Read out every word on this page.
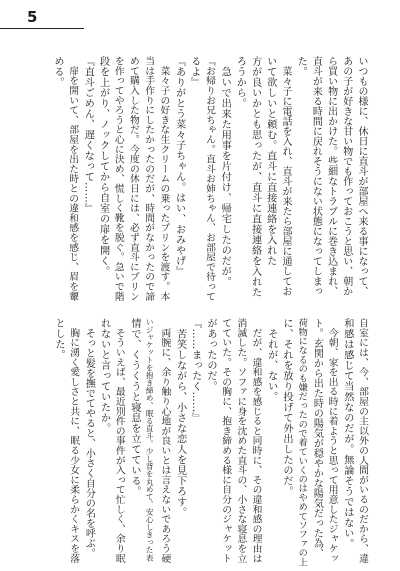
5
いつもの様に、休日に直斗が部屋へ来る事になって、
あの子が好きな甘い物でも作っておこうと思い、朝か
ら買い物に出かけた。些細なトラブルに巻き込まれ、
直斗が来る時間に戻れそうにない状態になってしまっ
た。
　菜々子に電話を入れ、直斗が来たら部屋に通してお
いて欲しいと頼む。直斗に直接連絡を入れた
方が良いかとも思ったが、直斗に直接連絡を入れた
ろうから。
　急いで出来た用事を片付け、帰宅したのだが。
『お帰りお兄ちゃん。直斗お姉ちゃん、お部屋で待って
るよ』
『ありがとう菜々子ちゃん。はい、おみやげ』
　菜々子の好きな生クリームの乗ったプリンを渡す。本
当は手作りにしたかったのだが、時間がなかったので諦
めて購入した物だ。今度の休日には、必ず直斗にプリン
を作ってやろうと心に決め、慌しく靴を脱ぐ。急いで階
段を上がり、ノックしてから自室の扉を開く。
『直斗ごめん、遅くなって……』
　扉を開いて、部屋を出た時との違和感を感じ、眉を顰
める。
自室には、今、部屋の主以外の人間がいるのだから、違
和感は感じて当然なのだが。無論そうではない。
　今朝、家を出る時に着ようと思って用意したジャケッ
ト。玄関から出た時の陽気が穏やかな陽気だった為、
荷物になるのも嫌だったので着ていくのはやめてソファの上
に、それを放り投げて外出したのだ。
　それが、ない。
　だが、違和感を感じると同時に、その違和感の理由は
消滅した。ソファに身を沈めた直斗の、小さな寝息を立
てていた。その胸に、抱き締める様に自分のジャケット
があったのだ。
『……まったく……』
　苦笑しながら、小さな恋人を見下ろす。
　両腕に、余り触り心地が良いとは言えないであろう硬
いジャケットを抱き締め、眠る直斗。少し背を丸めて、安心しきった表
情で、くうくうと寝息を立てている。
　そういえば、最近別件の事件が入って忙しく、余り眠
れないと言っていたか。
　そっと髪を撫でてやると、小さく自分の名を呼ぶ。
　胸に湧く愛しさと共に、眠る少女に柔らかくキスを落
とした。
